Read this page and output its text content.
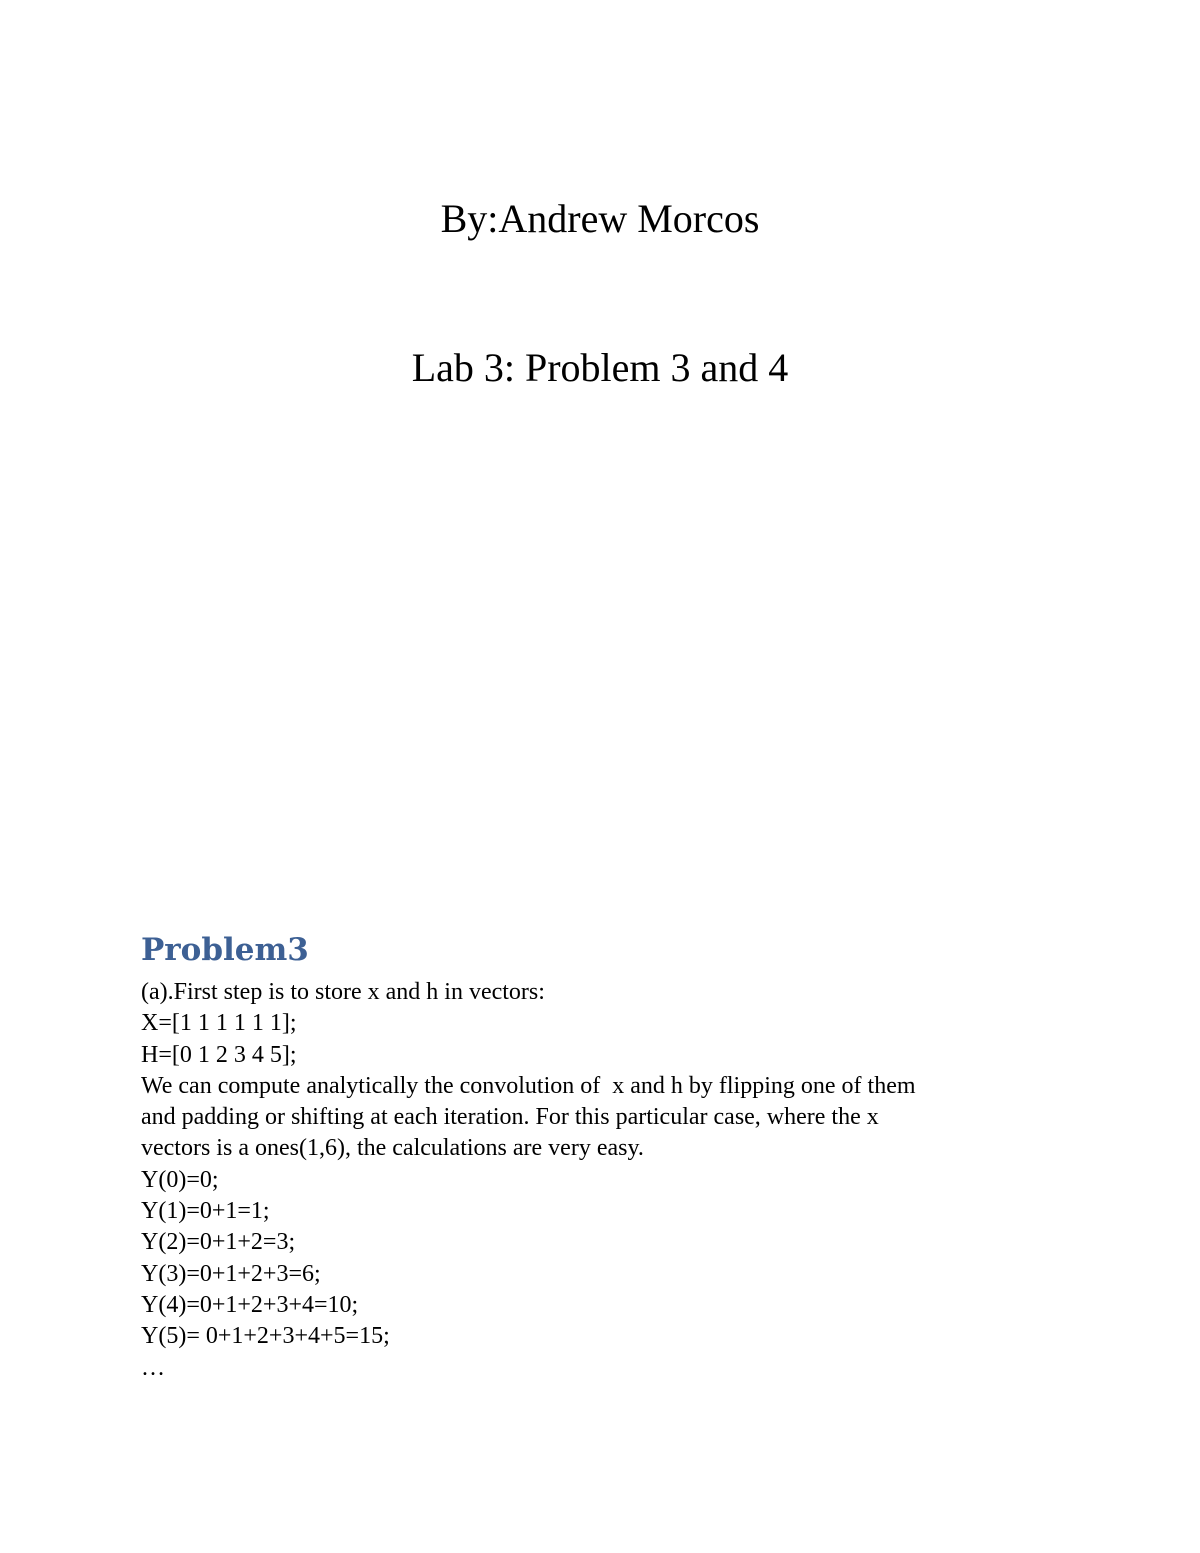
By:Andrew Morcos
Lab 3: Problem 3 and 4
Problem3
(a).First step is to store x and h in vectors:
X=[1 1 1 1 1 1];
H=[0 1 2 3 4 5];
We can compute analytically the convolution of  x and h by flipping one of them
and padding or shifting at each iteration. For this particular case, where the x
vectors is a ones(1,6), the calculations are very easy.
Y(0)=0;
Y(1)=0+1=1;
Y(2)=0+1+2=3;
Y(3)=0+1+2+3=6;
Y(4)=0+1+2+3+4=10;
Y(5)= 0+1+2+3+4+5=15;
…
